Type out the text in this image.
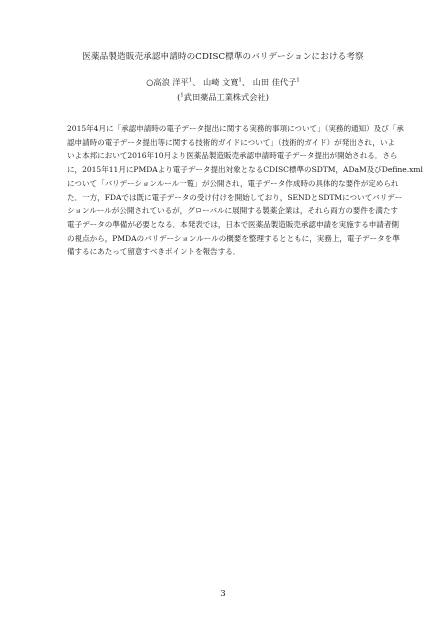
医薬品製造販売承認申請時のCDISC標準のバリデーションにおける考察
○高浪 洋平$^1$、 山崎 文寛$^1$、 山田 佳代子$^1$
($^1$武田薬品工業株式会社)
2015年4月に「承認申請時の電子データ提出に関する実務的事項について」（実務的通知）及び「承
認申請時の電子データ提出等に関する技術的ガイドについて」（技術的ガイド）が発出され，いよ
いよ本邦において2016年10月より医薬品製造販売承認申請時電子データ提出が開始される．さら
に，2015年11月にPMDAより電子データ提出対象となるCDISC標準のSDTM，ADaM及びDefine.xml
について「バリデーションルール一覧」が公開され，電子データ作成時の具体的な要件が定められ
た．一方，FDAでは既に電子データの受け付けを開始しており，SENDとSDTMについてバリデー
ションルールが公開されているが，グローバルに展開する製薬企業は，それら両方の要件を満たす
電子データの準備が必要となる．本発表では，日本で医薬品製造販売承認申請を実施する申請者側
の視点から，PMDAのバリデーションルールの概要を整理するとともに，実務上，電子データを準
備するにあたって留意すべきポイントを報告する．
3
